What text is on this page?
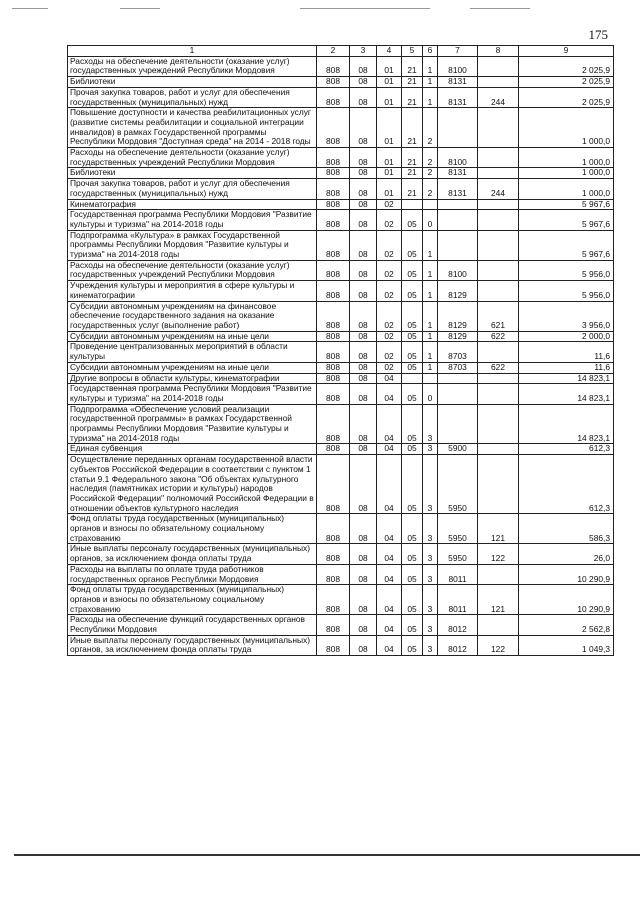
175
1	2	3	4	5	6	7	8	9
Расходы на обеспечение деятельности (оказание услуг) государственных учреждений Республики Мордовия	808	08	01	21	1	8100		2 025,9
Библиотеки	808	08	01	21	1	8131		2 025,9
Прочая закупка товаров, работ и услуг для обеспечения государственных (муниципальных) нужд	808	08	01	21	1	8131	244	2 025,9
Повышение доступности и качества реабилитационных услуг (развитие системы реабилитации и социальной интеграции инвалидов) в рамках Государственной программы Республики Мордовия "Доступная среда" на 2014 - 2018 годы	808	08	01	21	2			1 000,0
Расходы на обеспечение деятельности (оказание услуг) государственных учреждений Республики Мордовия	808	08	01	21	2	8100		1 000,0
Библиотеки	808	08	01	21	2	8131		1 000,0
Прочая закупка товаров, работ и услуг для обеспечения государственных (муниципальных) нужд	808	08	01	21	2	8131	244	1 000,0
Кинематография	808	08	02					5 967,6
Государственная программа Республики Мордовия "Развитие культуры и туризма" на 2014-2018 годы	808	08	02	05	0			5 967,6
Подпрограмма «Культура» в рамках Государственной программы Республики Мордовия "Развитие культуры и туризма" на 2014-2018 годы	808	08	02	05	1			5 967,6
Расходы на обеспечение деятельности (оказание услуг) государственных учреждений Республики Мордовия	808	08	02	05	1	8100		5 956,0
Учреждения культуры и мероприятия в сфере культуры и кинематографии	808	08	02	05	1	8129		5 956,0
Субсидии автономным учреждениям на финансовое обеспечение государственного задания на оказание государственных услуг (выполнение работ)	808	08	02	05	1	8129	621	3 956,0
Субсидии автономным учреждениям на иные цели	808	08	02	05	1	8129	622	2 000,0
Проведение централизованных мероприятий в области культуры	808	08	02	05	1	8703		11,6
Субсидии автономным учреждениям на иные цели	808	08	02	05	1	8703	622	11,6
Другие вопросы в области культуры, кинематографии	808	08	04					14 823,1
Государственная программа Республики Мордовия "Развитие культуры и туризма" на 2014-2018 годы	808	08	04	05	0			14 823,1
Подпрограмма «Обеспечение условий реализации государственной программы» в рамках Государственной программы Республики Мордовия "Развитие культуры и туризма" на 2014-2018 годы	808	08	04	05	3			14 823,1
Единая субвенция	808	08	04	05	3	5900		612,3
Осуществление переданных органам государственной власти субъектов Российской Федерации в соответствии с пунктом 1 статьи 9.1 Федерального закона "Об объектах культурного наследия (памятниках истории и культуры) народов Российской Федерации" полномочий Российской Федерации в отношении объектов культурного наследия	808	08	04	05	3	5950		612,3
Фонд оплаты труда государственных (муниципальных) органов и взносы по обязательному социальному страхованию	808	08	04	05	3	5950	121	586,3
Иные выплаты персоналу государственных (муниципальных) органов, за исключением фонда оплаты труда	808	08	04	05	3	5950	122	26,0
Расходы на выплаты по оплате труда работников государственных органов Республики Мордовия	808	08	04	05	3	8011		10 290,9
Фонд оплаты труда государственных (муниципальных) органов и взносы по обязательному социальному страхованию	808	08	04	05	3	8011	121	10 290,9
Расходы на обеспечение функций государственных органов Республики Мордовия	808	08	04	05	3	8012		2 562,8
Иные выплаты персоналу государственных (муниципальных) органов, за исключением фонда оплаты труда	808	08	04	05	3	8012	122	1 049,3
